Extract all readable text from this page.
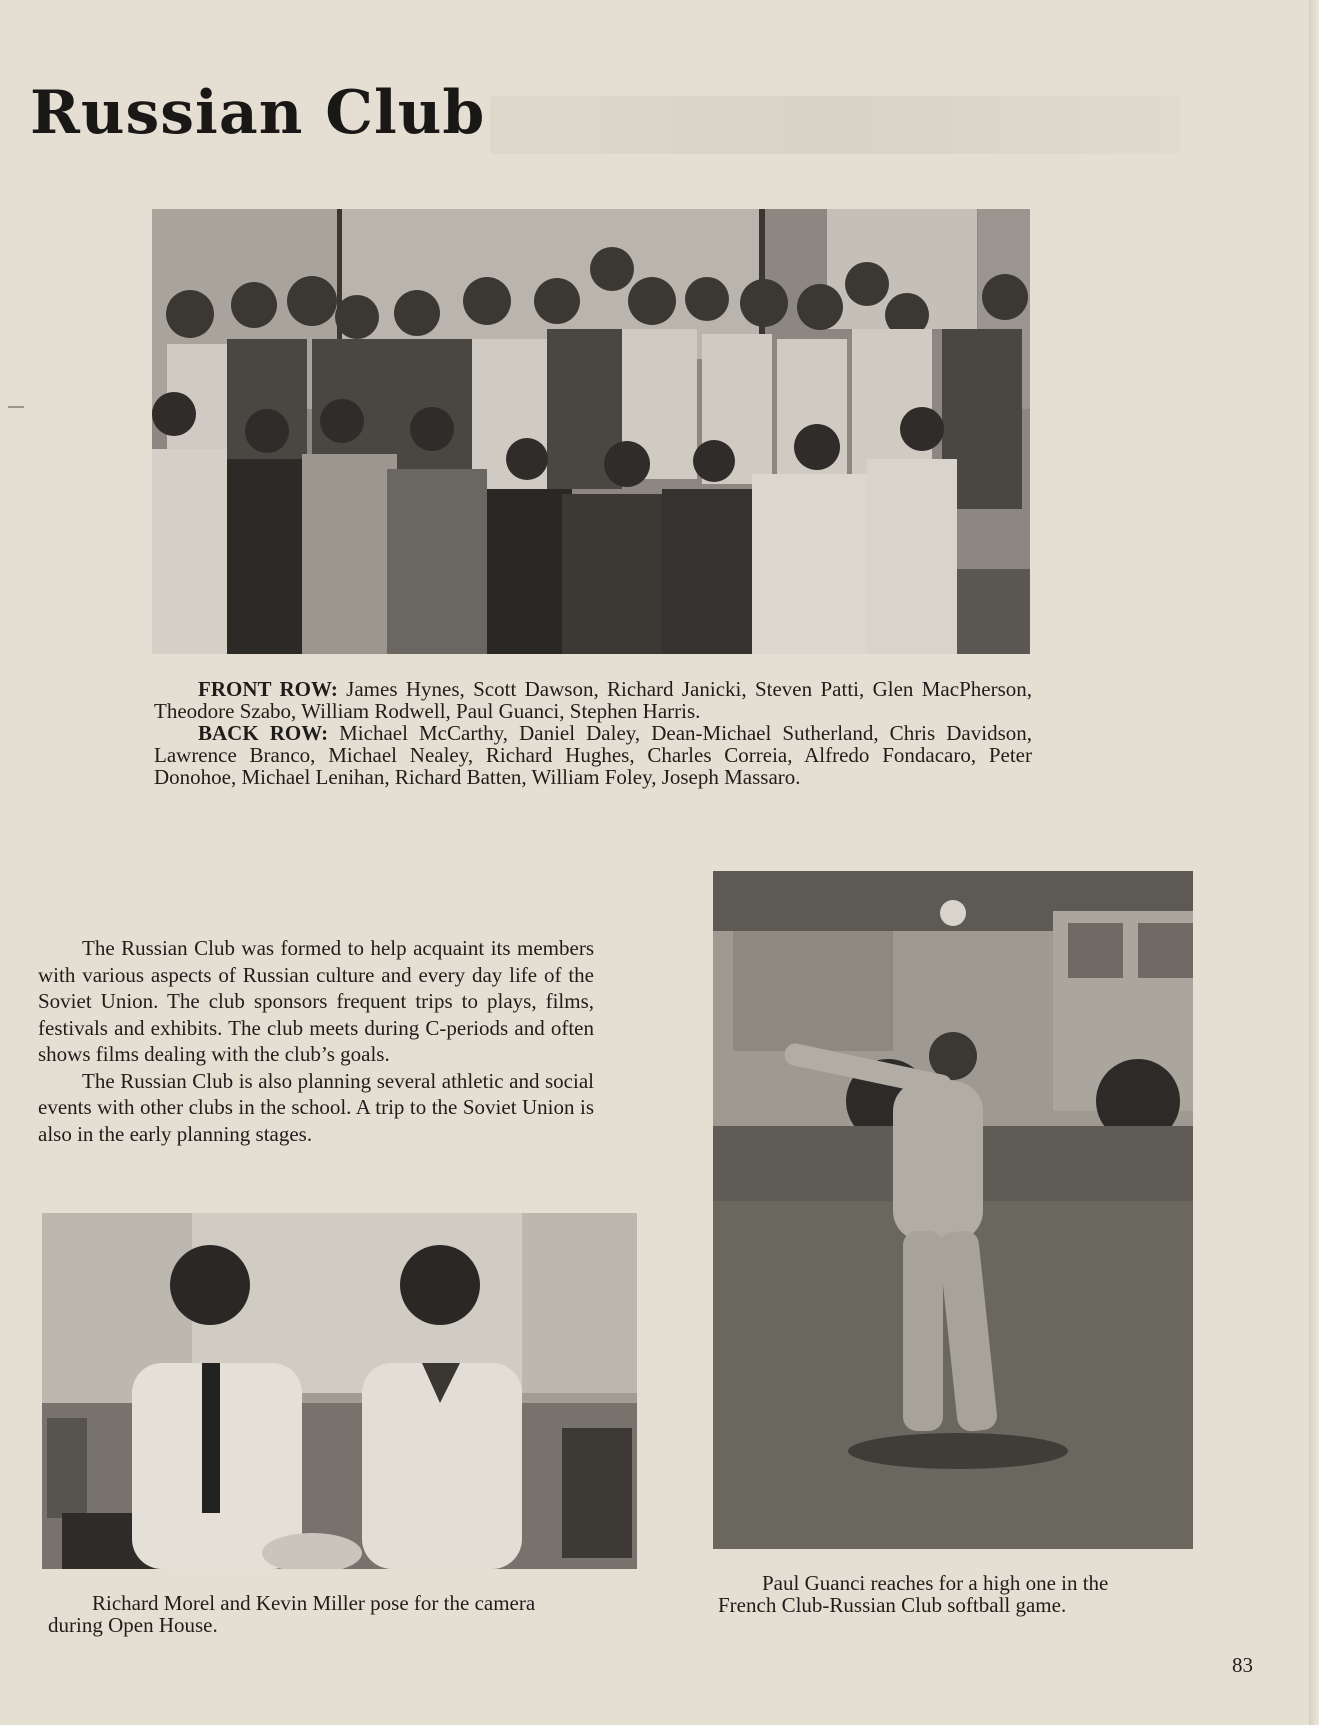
Russian Club

FRONT ROW: James Hynes, Scott Dawson, Richard Janicki, Steven Patti, Glen MacPherson, Theodore Szabo, William Rodwell, Paul Guanci, Stephen Harris.

BACK ROW: Michael McCarthy, Daniel Daley, Dean-Michael Sutherland, Chris Davidson, Lawrence Branco, Michael Nealey, Richard Hughes, Charles Correia, Alfredo Fondacaro, Peter Donohoe, Michael Lenihan, Richard Batten, William Foley, Joseph Massaro.

The Russian Club was formed to help acquaint its members with various aspects of Russian culture and every day life of the Soviet Union. The club sponsors frequent trips to plays, films, festivals and exhibits. The club meets during C-periods and often shows films dealing with the club’s goals.

The Russian Club is also planning several athletic and social events with other clubs in the school. A trip to the Soviet Union is also in the early planning stages.

Richard Morel and Kevin Miller pose for the camera
during Open House.
Paul Guanci reaches for a high one in the
French Club-Russian Club softball game.
83
